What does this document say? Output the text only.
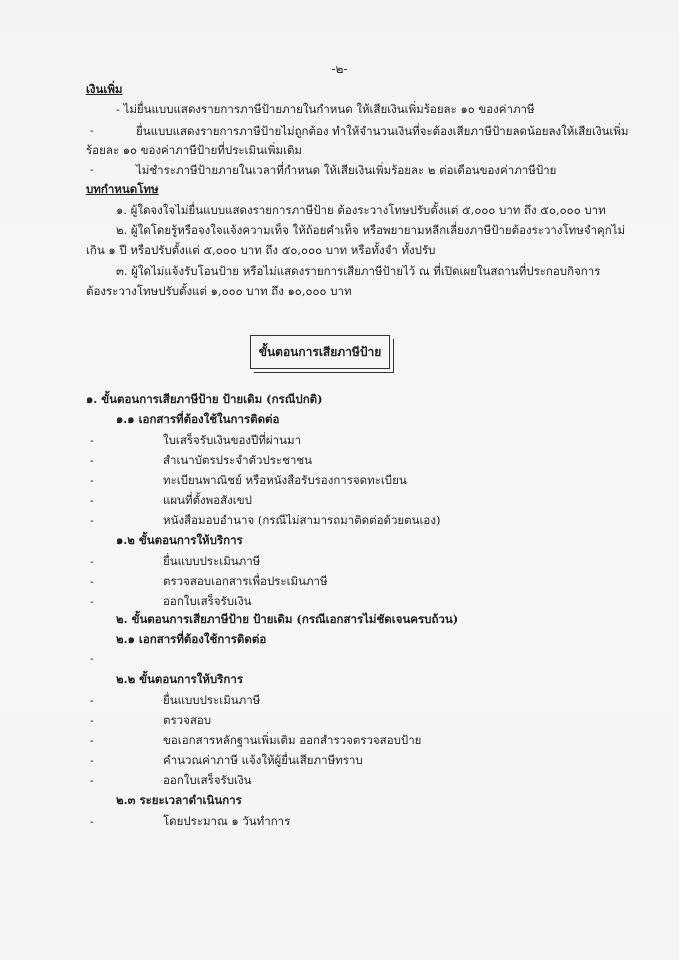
-๒-
เงินเพิ่ม
- ไม่ยื่นแบบแสดงรายการภาษีป้ายภายในกำหนด ให้เสียเงินเพิ่มร้อยละ ๑๐ ของค่าภาษี
-	ยื่นแบบแสดงรายการภาษีป้ายไม่ถูกต้อง ทำให้จำนวนเงินที่จะต้องเสียภาษีป้ายลดน้อยลงให้เสียเงินเพิ่ม
ร้อยละ ๑๐ ของค่าภาษีป้ายที่ประเมินเพิ่มเติม
-	ไม่ชำระภาษีป้ายภายในเวลาที่กำหนด ให้เสียเงินเพิ่มร้อยละ ๒ ต่อเดือนของค่าภาษีป้าย
บทกำหนดโทษ
๑. ผู้ใดจงใจไม่ยื่นแบบแสดงรายการภาษีป้าย ต้องระวางโทษปรับตั้งแต่ ๕,๐๐๐ บาท ถึง ๕๐,๐๐๐ บาท
๒. ผู้ใดโดยรู้หรือจงใจแจ้งความเท็จ ให้ถ้อยคำเท็จ หรือพยายามหลีกเลี่ยงภาษีป้ายต้องระวางโทษจำคุกไม่
เกิน ๑ ปี หรือปรับตั้งแต่ ๕,๐๐๐ บาท ถึง ๕๐,๐๐๐ บาท หรือทั้งจำ ทั้งปรับ
๓. ผู้ใดไม่แจ้งรับโอนป้าย หรือไม่แสดงรายการเสียภาษีป้ายไว้ ณ ที่เปิดเผยในสถานที่ประกอบกิจการ
ต้องระวางโทษปรับตั้งแต่ ๑,๐๐๐ บาท ถึง ๑๐,๐๐๐ บาท
ขั้นตอนการเสียภาษีป้าย
๑. ขั้นตอนการเสียภาษีป้าย ป้ายเดิม (กรณีปกติ)
๑.๑ เอกสารที่ต้องใช้ในการติดต่อ
-	ใบเสร็จรับเงินของปีที่ผ่านมา
-	สำเนาบัตรประจำตัวประชาชน
-	ทะเบียนพาณิชย์ หรือหนังสือรับรองการจดทะเบียน
-	แผนที่ตั้งพอสังเขป
-	หนังสือมอบอำนาจ (กรณีไม่สามารถมาติดต่อด้วยตนเอง)
๑.๒ ขั้นตอนการให้บริการ
-	ยื่นแบบประเมินภาษี
-	ตรวจสอบเอกสารเพื่อประเมินภาษี
-	ออกใบเสร็จรับเงิน
๒. ขั้นตอนการเสียภาษีป้าย ป้ายเดิม (กรณีเอกสารไม่ชัดเจนครบถ้วน)
๒.๑ เอกสารที่ต้องใช้การติดต่อ
-
๒.๒ ขั้นตอนการให้บริการ
-	ยื่นแบบประเมินภาษี
-	ตรวจสอบ
-	ขอเอกสารหลักฐานเพิ่มเติม ออกสำรวจตรวจสอบป้าย
-	คำนวณค่าภาษี แจ้งให้ผู้ยื่นเสียภาษีทราบ
-	ออกใบเสร็จรับเงิน
๒.๓ ระยะเวลาดำเนินการ
-	โดยประมาณ ๑ วันทำการ
